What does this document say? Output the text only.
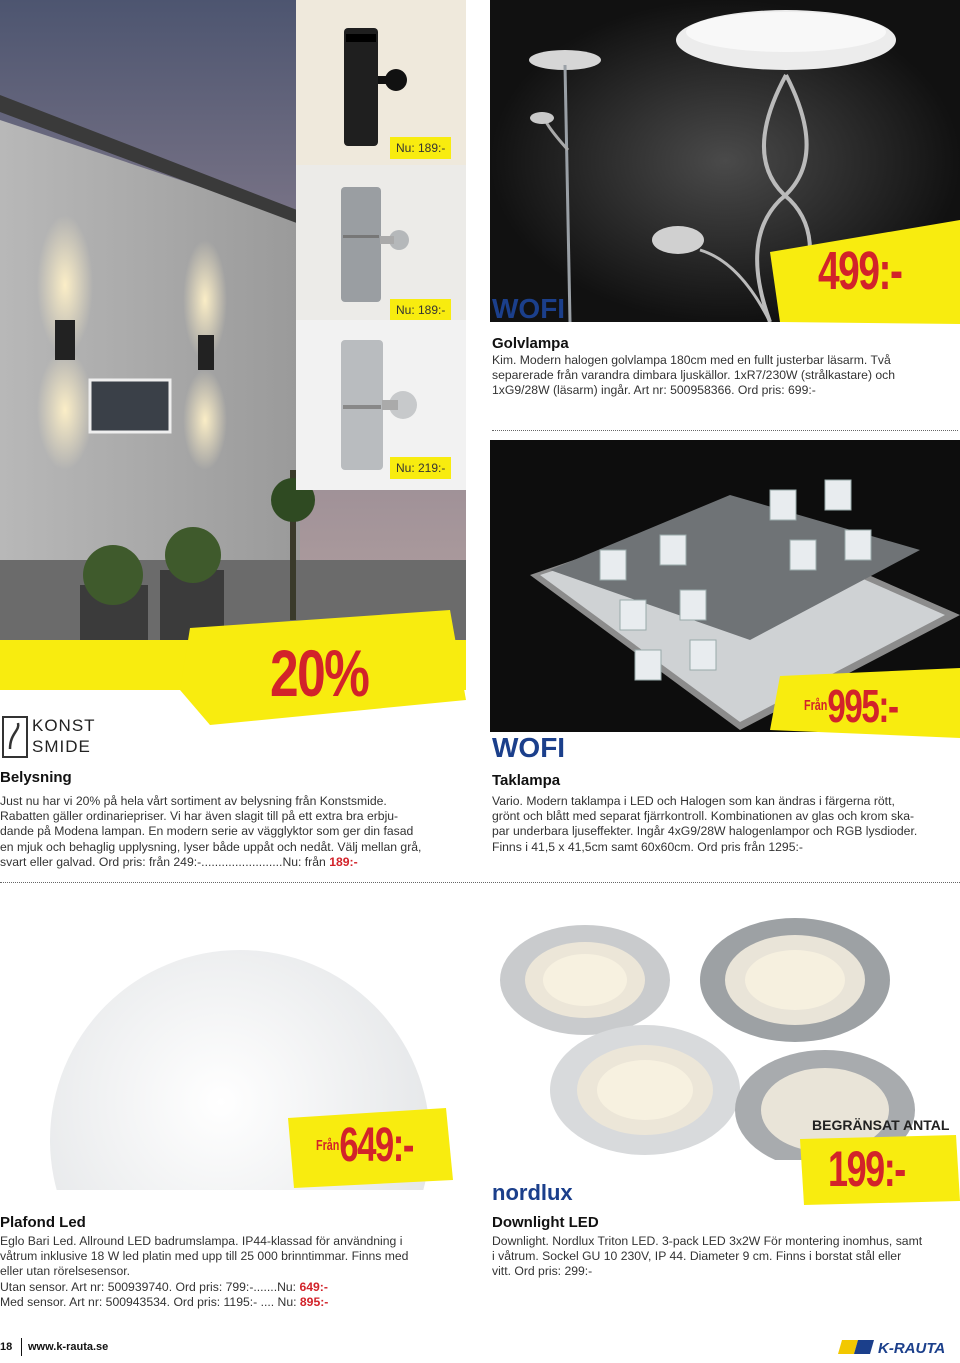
Nu: 189:-
Nu: 189:-
Nu: 219:-
20%
KONST SMIDE
Belysning
Just nu har vi 20% på hela vårt sortiment av belysning från Konstsmide.
Rabatten gäller ordinariepriser. Vi har även slagit till på ett extra bra erbju-
dande på Modena lampan. En modern serie av vägglyktor som ger din fasad
en mjuk och behaglig upplysning, lyser både uppåt och nedåt. Välj mellan grå,
svart eller galvad. Ord pris: från 249:-........................Nu: från 189:-
499:-
WOFI
Golvlampa
Kim. Modern halogen golvlampa 180cm med en fullt justerbar läsarm. Två
separerade från varandra dimbara ljuskällor. 1xR7/230W (strålkastare) och
1xG9/28W (läsarm) ingår. Art nr: 500958366. Ord pris: 699:-
Från995:-
WOFI
Taklampa
Vario. Modern taklampa i LED och Halogen som kan ändras i färgerna rött,
grönt och blått med separat fjärrkontroll. Kombinationen av glas och krom ska-
par underbara ljuseffekter. Ingår 4xG9/28W halogenlampor och RGB lysdioder.
Finns i 41,5 x 41,5cm samt 60x60cm. Ord pris från 1295:-
Från649:-
Plafond Led
Eglo Bari Led. Allround LED badrumslampa. IP44-klassad för användning i
våtrum inklusive 18 W led platin med upp till 25 000 brinntimmar. Finns med
eller utan rörelsesensor.
Utan sensor. Art nr: 500939740. Ord pris: 799:-.......Nu: 649:-
Med sensor. Art nr: 500943534. Ord pris: 1195:- .... Nu: 895:-
BEGRÄNSAT ANTAL
199:-
nordlux
Downlight LED
Downlight. Nordlux Triton LED. 3-pack LED 3x2W För montering inomhus, samt
i våtrum. Sockel GU 10 230V, IP 44. Diameter 9 cm. Finns i borstat stål eller
vitt. Ord pris: 299:-
18 www.k-rauta.se	K-RAUTA
